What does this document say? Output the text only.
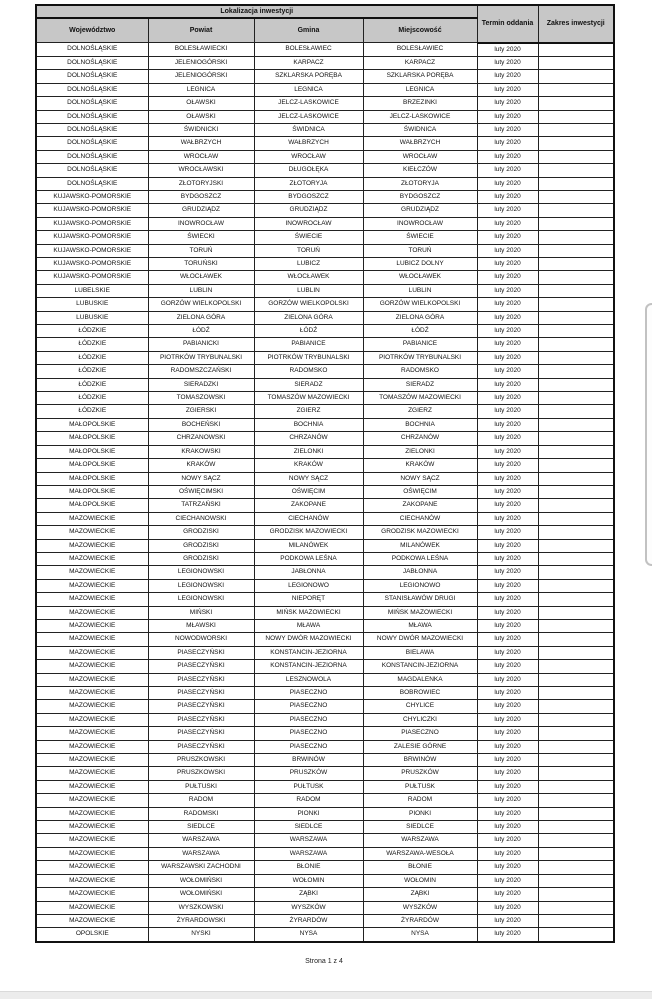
Lokalizacja inwestycji				Termin oddania	Zakres inwestycji
Województwo	Powiat	Gmina	Miejscowość		
DOLNOŚLĄSKIE	BOLESŁAWIECKI	BOLESŁAWIEC	BOLESŁAWIEC	luty 2020	
DOLNOŚLĄSKIE	JELENIOGÓRSKI	KARPACZ	KARPACZ	luty 2020	
DOLNOŚLĄSKIE	JELENIOGÓRSKI	SZKLARSKA PORĘBA	SZKLARSKA PORĘBA	luty 2020	
DOLNOŚLĄSKIE	LEGNICA	LEGNICA	LEGNICA	luty 2020	
DOLNOŚLĄSKIE	OŁAWSKI	JELCZ-LASKOWICE	BRZEZINKI	luty 2020	
DOLNOŚLĄSKIE	OŁAWSKI	JELCZ-LASKOWICE	JELCZ-LASKOWICE	luty 2020	
DOLNOŚLĄSKIE	ŚWIDNICKI	ŚWIDNICA	ŚWIDNICA	luty 2020	
DOLNOŚLĄSKIE	WAŁBRZYCH	WAŁBRZYCH	WAŁBRZYCH	luty 2020	
DOLNOŚLĄSKIE	WROCŁAW	WROCŁAW	WROCŁAW	luty 2020	
DOLNOŚLĄSKIE	WROCŁAWSKI	DŁUGOŁĘKA	KIEŁCZÓW	luty 2020	
DOLNOŚLĄSKIE	ZŁOTORYJSKI	ZŁOTORYJA	ZŁOTORYJA	luty 2020	
KUJAWSKO-POMORSKIE	BYDGOSZCZ	BYDGOSZCZ	BYDGOSZCZ	luty 2020	
KUJAWSKO-POMORSKIE	GRUDZIĄDZ	GRUDZIĄDZ	GRUDZIĄDZ	luty 2020	
KUJAWSKO-POMORSKIE	INOWROCŁAW	INOWROCŁAW	INOWROCŁAW	luty 2020	
KUJAWSKO-POMORSKIE	ŚWIECKI	ŚWIECIE	ŚWIECIE	luty 2020	
KUJAWSKO-POMORSKIE	TORUŃ	TORUŃ	TORUŃ	luty 2020	
KUJAWSKO-POMORSKIE	TORUŃSKI	LUBICZ	LUBICZ DOLNY	luty 2020	
KUJAWSKO-POMORSKIE	WŁOCŁAWEK	WŁOCŁAWEK	WŁOCŁAWEK	luty 2020	
LUBELSKIE	LUBLIN	LUBLIN	LUBLIN	luty 2020	
LUBUSKIE	GORZÓW WIELKOPOLSKI	GORZÓW WIELKOPOLSKI	GORZÓW WIELKOPOLSKI	luty 2020	
LUBUSKIE	ZIELONA GÓRA	ZIELONA GÓRA	ZIELONA GÓRA	luty 2020	
ŁÓDZKIE	ŁÓDŹ	ŁÓDŹ	ŁÓDŹ	luty 2020	
ŁÓDZKIE	PABIANICKI	PABIANICE	PABIANICE	luty 2020	
ŁÓDZKIE	PIOTRKÓW TRYBUNALSKI	PIOTRKÓW TRYBUNALSKI	PIOTRKÓW TRYBUNALSKI	luty 2020	
ŁÓDZKIE	RADOMSZCZAŃSKI	RADOMSKO	RADOMSKO	luty 2020	
ŁÓDZKIE	SIERADZKI	SIERADZ	SIERADZ	luty 2020	
ŁÓDZKIE	TOMASZOWSKI	TOMASZÓW MAZOWIECKI	TOMASZÓW MAZOWIECKI	luty 2020	
ŁÓDZKIE	ZGIERSKI	ZGIERZ	ZGIERZ	luty 2020	
MAŁOPOLSKIE	BOCHEŃSKI	BOCHNIA	BOCHNIA	luty 2020	
MAŁOPOLSKIE	CHRZANOWSKI	CHRZANÓW	CHRZANÓW	luty 2020	
MAŁOPOLSKIE	KRAKOWSKI	ZIELONKI	ZIELONKI	luty 2020	
MAŁOPOLSKIE	KRAKÓW	KRAKÓW	KRAKÓW	luty 2020	
MAŁOPOLSKIE	NOWY SĄCZ	NOWY SĄCZ	NOWY SĄCZ	luty 2020	
MAŁOPOLSKIE	OŚWIĘCIMSKI	OŚWIĘCIM	OŚWIĘCIM	luty 2020	
MAŁOPOLSKIE	TATRZAŃSKI	ZAKOPANE	ZAKOPANE	luty 2020	
MAZOWIECKIE	CIECHANOWSKI	CIECHANÓW	CIECHANÓW	luty 2020	
MAZOWIECKIE	GRODZISKI	GRODZISK MAZOWIECKI	GRODZISK MAZOWIECKI	luty 2020	
MAZOWIECKIE	GRODZISKI	MILANÓWEK	MILANÓWEK	luty 2020	
MAZOWIECKIE	GRODZISKI	PODKOWA LEŚNA	PODKOWA LEŚNA	luty 2020	
MAZOWIECKIE	LEGIONOWSKI	JABŁONNA	JABŁONNA	luty 2020	
MAZOWIECKIE	LEGIONOWSKI	LEGIONOWO	LEGIONOWO	luty 2020	
MAZOWIECKIE	LEGIONOWSKI	NIEPORĘT	STANISŁAWÓW DRUGI	luty 2020	
MAZOWIECKIE	MIŃSKI	MIŃSK MAZOWIECKI	MIŃSK MAZOWIECKI	luty 2020	
MAZOWIECKIE	MŁAWSKI	MŁAWA	MŁAWA	luty 2020	
MAZOWIECKIE	NOWODWORSKI	NOWY DWÓR MAZOWIECKI	NOWY DWÓR MAZOWIECKI	luty 2020	
MAZOWIECKIE	PIASECZYŃSKI	KONSTANCIN-JEZIORNA	BIELAWA	luty 2020	
MAZOWIECKIE	PIASECZYŃSKI	KONSTANCIN-JEZIORNA	KONSTANCIN-JEZIORNA	luty 2020	
MAZOWIECKIE	PIASECZYŃSKI	LESZNOWOLA	MAGDALENKA	luty 2020	
MAZOWIECKIE	PIASECZYŃSKI	PIASECZNO	BOBROWIEC	luty 2020	
MAZOWIECKIE	PIASECZYŃSKI	PIASECZNO	CHYLICE	luty 2020	
MAZOWIECKIE	PIASECZYŃSKI	PIASECZNO	CHYLICZKI	luty 2020	
MAZOWIECKIE	PIASECZYŃSKI	PIASECZNO	PIASECZNO	luty 2020	
MAZOWIECKIE	PIASECZYŃSKI	PIASECZNO	ZALESIE GÓRNE	luty 2020	
MAZOWIECKIE	PRUSZKOWSKI	BRWINÓW	BRWINÓW	luty 2020	
MAZOWIECKIE	PRUSZKOWSKI	PRUSZKÓW	PRUSZKÓW	luty 2020	
MAZOWIECKIE	PUŁTUSKI	PUŁTUSK	PUŁTUSK	luty 2020	
MAZOWIECKIE	RADOM	RADOM	RADOM	luty 2020	
MAZOWIECKIE	RADOMSKI	PIONKI	PIONKI	luty 2020	
MAZOWIECKIE	SIEDLCE	SIEDLCE	SIEDLCE	luty 2020	
MAZOWIECKIE	WARSZAWA	WARSZAWA	WARSZAWA	luty 2020	
MAZOWIECKIE	WARSZAWA	WARSZAWA	WARSZAWA-WESOŁA	luty 2020	
MAZOWIECKIE	WARSZAWSKI ZACHODNI	BŁONIE	BŁONIE	luty 2020	
MAZOWIECKIE	WOŁOMIŃSKI	WOŁOMIN	WOŁOMIN	luty 2020	
MAZOWIECKIE	WOŁOMIŃSKI	ZĄBKI	ZĄBKI	luty 2020	
MAZOWIECKIE	WYSZKOWSKI	WYSZKÓW	WYSZKÓW	luty 2020	
MAZOWIECKIE	ŻYRARDOWSKI	ŻYRARDÓW	ŻYRARDÓW	luty 2020	
OPOLSKIE	NYSKI	NYSA	NYSA	luty 2020	
Strona 1 z 4
